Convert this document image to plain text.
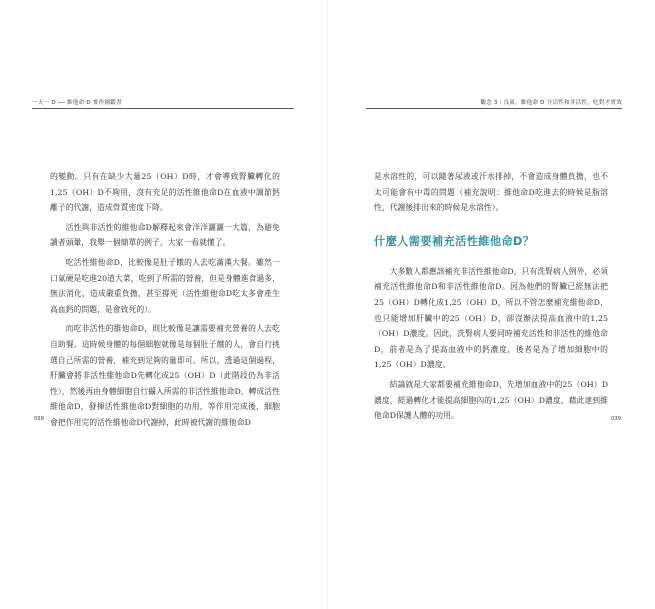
一天一 D ── 維他命 D 實作圖鑑書

的變動。只有在缺少大量25（OH）D時，才會導致腎臟轉化的1,25（OH）D不夠用，沒有充足的活性維他命D在血液中調節鈣離子的代謝，造成骨質密度下降。

活性與非活性的維他命D解釋起來會洋洋灑灑一大篇，為避免讀者頭暈，我舉一個簡單的例子，大家一看就懂了。

吃活性維他命D，比較像是肚子餓的人去吃滿漢大餐。雖然一口氣硬是吃進20道大菜，吃到了所需的營養，但是身體進食過多，無法消化，造成嚴重負擔，甚至撐死（活性維他命D吃太多會產生高血鈣的問題，是會致死的）。

而吃非活性的維他命D，則比較像是讓需要補充營養的人去吃自助餐。這時候身體的每個細胞就像是每個肚子餓的人，會自行挑選自己所需的營養，補充到足夠的量即可。所以，透過這個過程，肝臟會將非活性維他命D先轉化成25（OH）D（此階段仍為非活性），然後再由身體細胞自行攝入所需的非活性維他命D，轉成活性維他命D，發揮活性維他命D對細胞的功用，等作用完成後，細胞會把作用完的活性維他命D代謝掉，此時被代謝的維他命D

038
觀念 3｜良東，維他命 D 分活性和非活性，吃對才實效

是水溶性的，可以隨著尿液或汗水排掉，不會造成身體負擔，也不太可能會有中毒的問題（補充說明：維他命D吃進去的時候是脂溶性，代謝後排出來的時候是水溶性）。

什麼人需要補充活性維他命D？

大多數人都應該補充非活性維他命D，只有洗腎病人例外，必須補充活性維他命D和非活性維他命D。因為他們的腎臟已經無法把25（OH）D轉化成1,25（OH）D，所以不管怎麼補充維他命D，也只能增加肝臟中的25（OH）D，卻沒辦法提高血液中的1,25（OH）D濃度。因此，洗腎病人要同時補充活性和非活性的維他命D，前者是為了提高血液中的鈣濃度，後者是為了增加細胞中的1,25（OH）D濃度。

結論就是大家都要補充維他命D，先增加血液中的25（OH）D濃度，經過轉化才能提高細胞內的1,25（OH）D濃度，藉此達到維他命D保護人體的功用。	039
